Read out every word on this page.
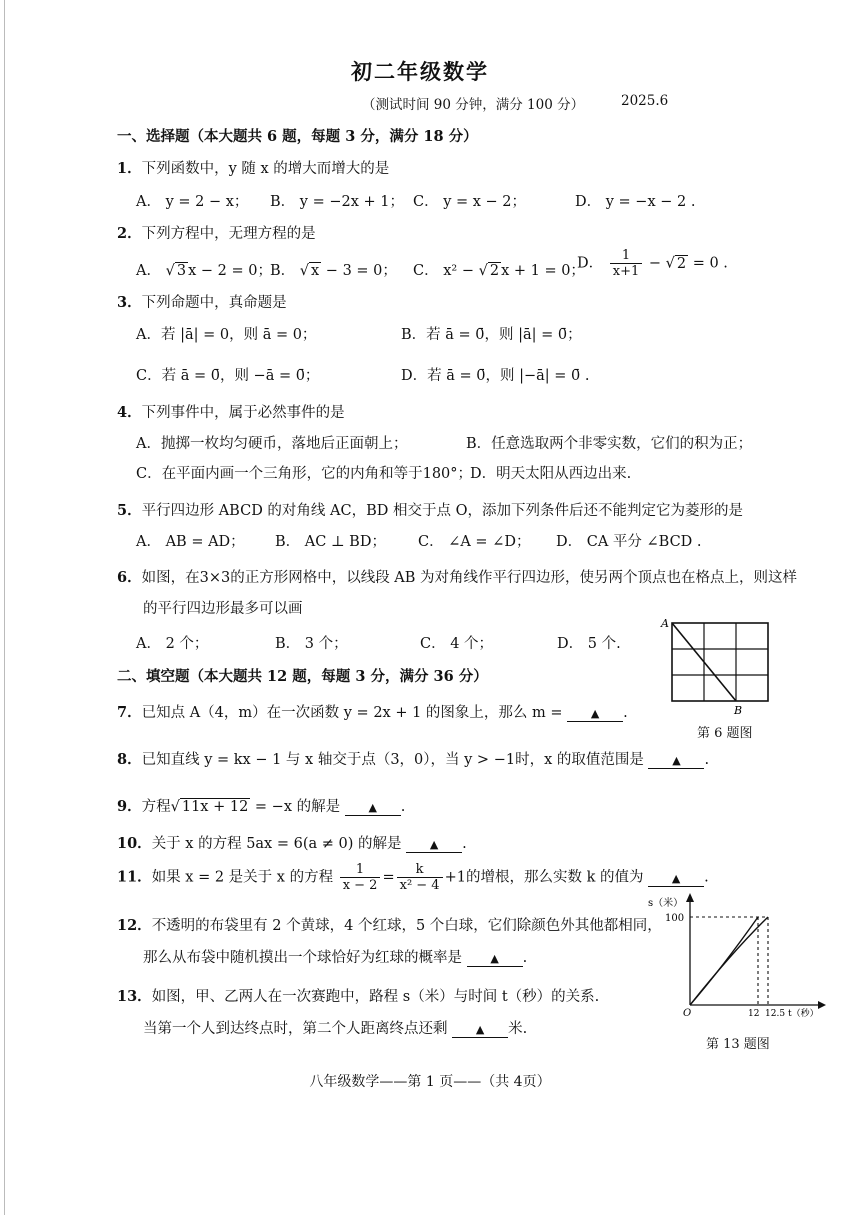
初二年级数学
（测试时间 90 分钟，满分 100 分）	2025.6
一、选择题（本大题共 6 题，每题 3 分，满分 18 分）
1．下列函数中，y 随 x 的增大而增大的是
A． y = 2 − x； B． y = −2x + 1； C． y = x − 2；	D． y = −x − 2 .
2．下列方程中，无理方程的是
A． √ 3 x − 2 = 0；
B． √ x − 3 = 0； C． x² − √ 2 x + 1 = 0；
D． $\frac{1}{x+1}$ − √ 2 = 0 .
3．下列命题中，真命题是
A．若 |ā| = 0，则 ā = 0；	B．若 ā = 0̄，则 |ā| = 0̄；
C．若 ā = 0̄，则 −ā = 0̄；	D．若 ā = 0̄，则 |−ā| = 0̄ .
4．下列事件中，属于必然事件的是
A．抛掷一枚均匀硬币，落地后正面朝上；	B．任意选取两个非零实数，它们的积为正；
C．在平面内画一个三角形，它的内角和等于180°；
D．明天太阳从西边出来.
5．平行四边形 ABCD 的对角线 AC，BD 相交于点 O，添加下列条件后还不能判定它为菱形的是
A． AB = AD； B． AC ⊥ BD； C． ∠A = ∠D； D． CA 平分 ∠BCD .
6．如图，在3×3的正方形网格中，以线段 AB 为对角线作平行四边形，使另两个顶点也在格点上，则这样
的平行四边形最多可以画
A． 2 个；	B． 3 个；	C． 4 个；	D． 5 个.
A
B
第 6 题图
二、填空题（本大题共 12 题，每题 3 分，满分 36 分）
7．已知点 A（4，m）在一次函数 y = 2x + 1 的图象上，那么 m =	▲ .
8．已知直线 y = kx − 1 与 x 轴交于点（3，0），当 y > −1时，x 的取值范围是	▲ .
9．方程√ 11x + 12 = −x 的解是	▲ .
10．关于 x 的方程 5ax = 6(a ≠ 0) 的解是	▲ .
11．如果 x = 2 是关于 x 的方程 $\frac{1}{x - 2} = \frac{k}{\text{x² − 4}} +1$的增根，那么实数 k 的值为	▲ .
12．不透明的布袋里有 2 个黄球，4 个红球，5 个白球，它们除颜色外其他都相同，
那么从布袋中随机摸出一个球恰好为红球的概率是	▲ .
13．如图，甲、乙两人在一次赛跑中，路程 s（米）与时间 t（秒）的关系.
当第一个人到达终点时，第二个人距离终点还剩	▲ 米.
s（米）
100
O	12 12.5 t（秒）
第 13 题图
八年级数学——第 1 页——（共 4页）
